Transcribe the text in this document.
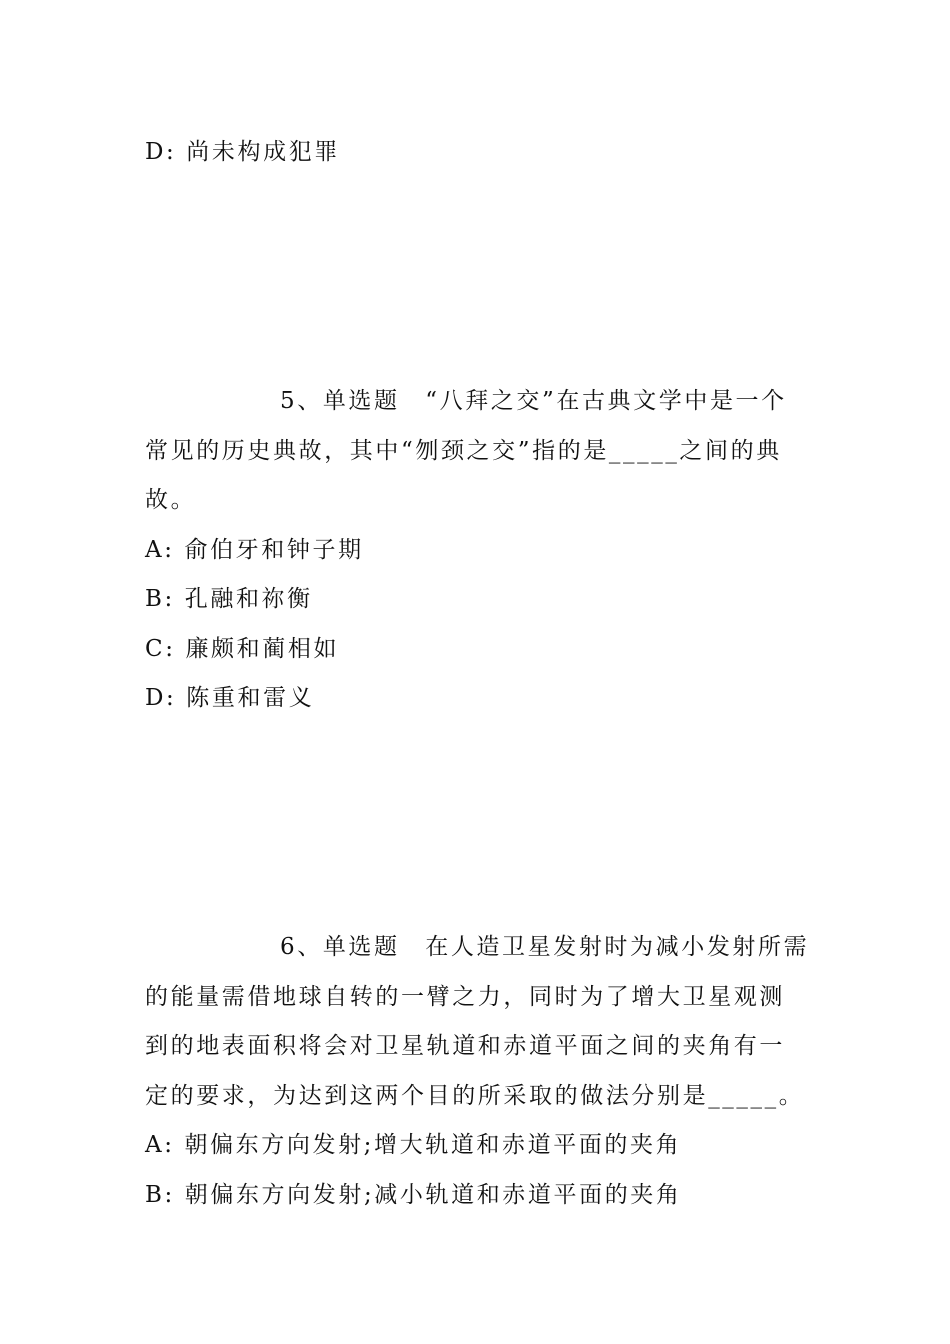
D: 尚未构成犯罪
5、单选题　“八拜之交”在古典文学中是一个
常见的历史典故，其中“刎颈之交”指的是_____之间的典
故。
A: 俞伯牙和钟子期
B: 孔融和祢衡
C: 廉颇和蔺相如
D: 陈重和雷义
6、单选题　在人造卫星发射时为减小发射所需
的能量需借地球自转的一臂之力，同时为了增大卫星观测
到的地表面积将会对卫星轨道和赤道平面之间的夹角有一
定的要求，为达到这两个目的所采取的做法分别是_____。
A: 朝偏东方向发射;增大轨道和赤道平面的夹角
B: 朝偏东方向发射;减小轨道和赤道平面的夹角
